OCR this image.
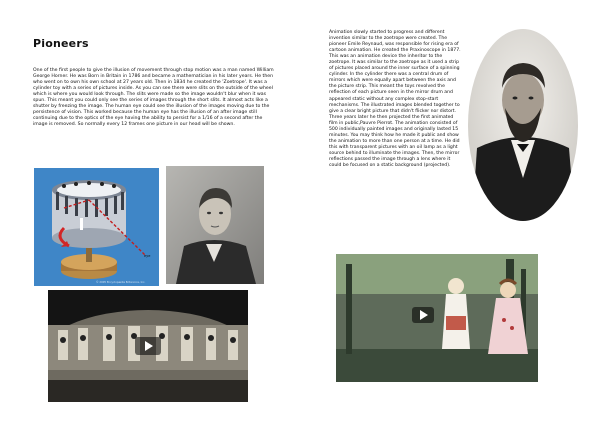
Pioneers

One of the first people to give the illusion of movement through stop motion was a man named William George Horner. He was Born in Britain in 1786 and became a mathematician in his later years. He then who went on to own his own school at 27 years old. Then in 1834 he created the 'Zoetrope'. It was a cylinder toy with a series of pictures inside. As you can see there were slits on the outside of the wheel which is where you would look through. The slits were made so the image wouldn't blur when it was spun. This meant you could only see the series of images through the short slits. It almost acts like a shutter by freezing the image. The human eye could see the illusion of the images moving due to the persistence of vision. This worked because the human eye has the illusion of an after image still continuing due to the optics of the eye having the ability to persist for a 1/16 of a second after the image is removed. So normally every 12 frames one picture in our head will be shown.

Animation slowly started to progress and different invention similar to the zoetrope were created. The pioneer Emile Reynaud, was responsible for rising era of cartoon animation. He created the Praxinoscope in 1877. This was an animation device the inheritor to the zoetrope. It was similar to the zoetrope as it used a strip of pictures placed around the inner surface of a spinning cylinder. In the cylinder there was a central drum of mirrors which were equally apart between the axis and the picture strip. This meant the toys revolved the reflection of each picture seen in the mirror drum and appeared static without any complex stop-start mechanisms. The illustrated images blended together to give a clear bright picture that didn't flicker nor distort. Three years later he then projected the first animated film in public,Pauvre Pierrot. The animation consisted of 500 individually painted images and originally lasted 15 minutes. You may think how he made it public and show the animation to more than one person at a time. He did this with transparent pictures with an oil lamp as a light source behind to illuminate the images. Then, the mirror reflections passed the image through a lens where it could be focused on a static background (projected).

eye
© 2005 Encyclopædia Britannica, Inc.
